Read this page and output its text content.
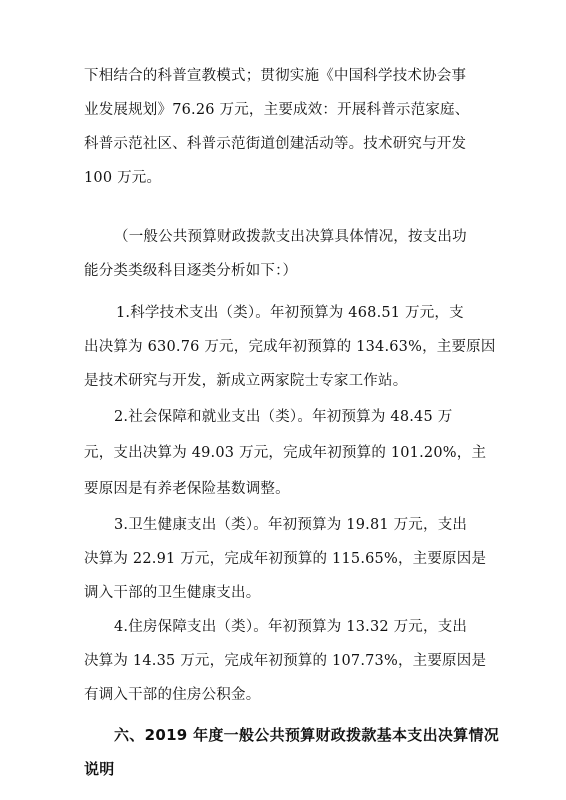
下相结合的科普宣教模式；贯彻实施《中国科学技术协会事
业发展规划》76.26 万元，主要成效：开展科普示范家庭、
科普示范社区、科普示范街道创建活动等。技术研究与开发
100 万元。
（一般公共预算财政拨款支出决算具体情况，按支出功
能分类类级科目逐类分析如下：）
1.科学技术支出（类）。年初预算为 468.51 万元，支
出决算为 630.76 万元，完成年初预算的 134.63%，主要原因
是技术研究与开发，新成立两家院士专家工作站。
2.社会保障和就业支出（类）。年初预算为 48.45 万
元，支出决算为 49.03 万元，完成年初预算的 101.20%，主
要原因是有养老保险基数调整。
3.卫生健康支出（类）。年初预算为 19.81 万元，支出
决算为 22.91 万元，完成年初预算的 115.65%，主要原因是
调入干部的卫生健康支出。
4.住房保障支出（类）。年初预算为 13.32 万元，支出
决算为 14.35 万元，完成年初预算的 107.73%，主要原因是
有调入干部的住房公积金。
六、2019 年度一般公共预算财政拨款基本支出决算情况
说明
